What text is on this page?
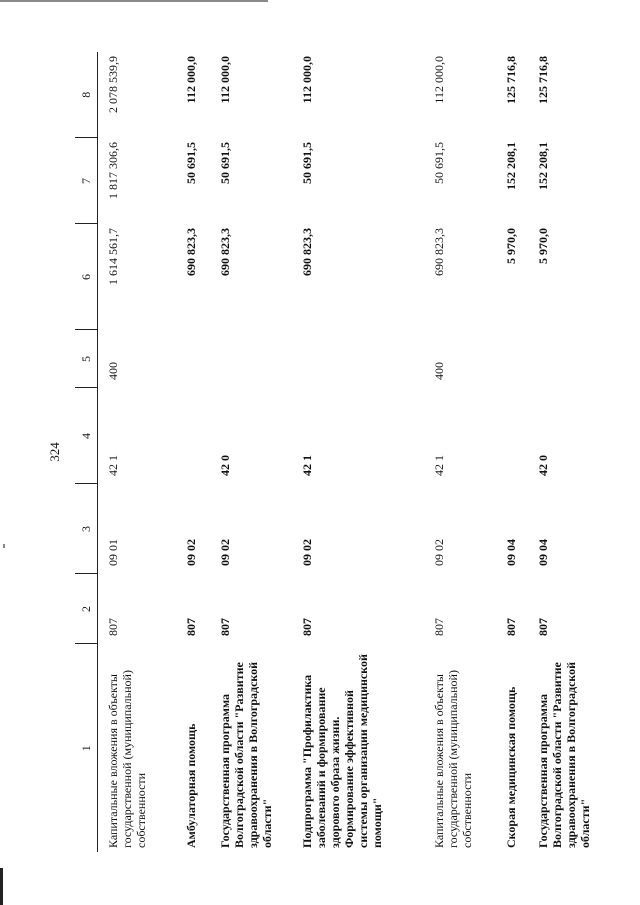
324
1	2	3	4	5	6	7	8
Капитальные вложения в объекты государственной (муниципальной) собственности	807	09 01	42 1	400	1 614 561,7	1 817 306,6	2 078 539,9
Амбулаторная помощь	807	09 02			690 823,3	50 691,5	112 000,0
Государственная программа Волгоградской области "Развитие здравоохранения в Волгоградской области"	807	09 02	42 0		690 823,3	50 691,5	112 000,0
Подпрограмма "Профилактика заболеваний и формирование здорового образа жизни. Формирование эффективной системы организации медицинской помощи"	807	09 02	42 1		690 823,3	50 691,5	112 000,0
Капитальные вложения в объекты государственной (муниципальной) собственности	807	09 02	42 1	400	690 823,3	50 691,5	112 000,0
Скорая медицинская помощь	807	09 04			5 970,0	152 208,1	125 716,8
Государственная программа Волгоградской области "Развитие здравоохранения в Волгоградской области"	807	09 04	42 0		5 970,0	152 208,1	125 716,8
